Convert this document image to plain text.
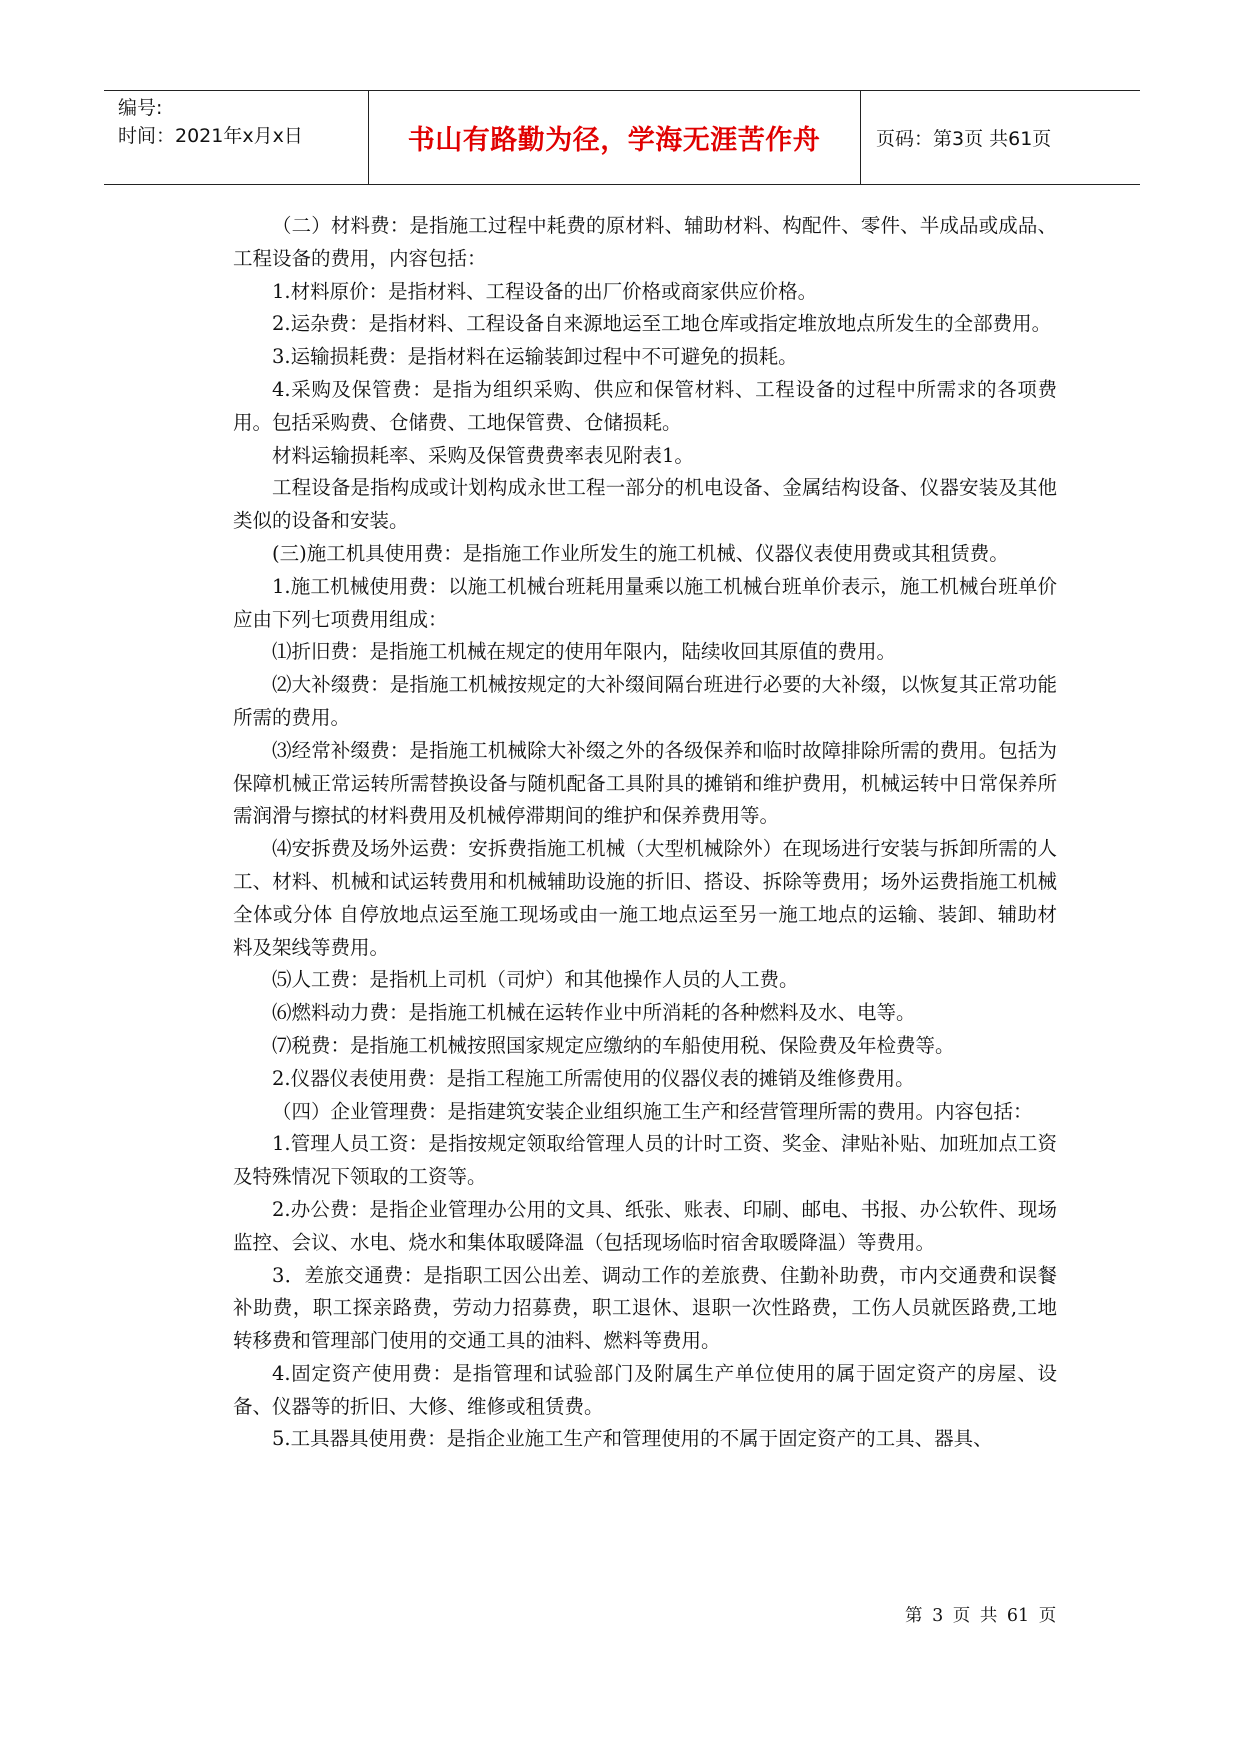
编号:
时间：2021年x月x日	书山有路勤为径，学海无涯苦作舟	页码：第3页 共61页

（二）材料费：是指施工过程中耗费的原材料、辅助材料、构配件、零件、半成品或成品、工程设备的费用，内容包括：

1.材料原价：是指材料、工程设备的出厂价格或商家供应价格。

2.运杂费：是指材料、工程设备自来源地运至工地仓库或指定堆放地点所发生的全部费用。

3.运输损耗费：是指材料在运输装卸过程中不可避免的损耗。

4.采购及保管费：是指为组织采购、供应和保管材料、工程设备的过程中所需求的各项费用。包括采购费、仓储费、工地保管费、仓储损耗。

材料运输损耗率、采购及保管费费率表见附表1。

工程设备是指构成或计划构成永世工程一部分的机电设备、金属结构设备、仪器安装及其他类似的设备和安装。

(三)施工机具使用费：是指施工作业所发生的施工机械、仪器仪表使用费或其租赁费。

1.施工机械使用费：以施工机械台班耗用量乘以施工机械台班单价表示，施工机械台班单价应由下列七项费用组成：

⑴折旧费：是指施工机械在规定的使用年限内，陆续收回其原值的费用。

⑵大补缀费：是指施工机械按规定的大补缀间隔台班进行必要的大补缀，以恢复其正常功能所需的费用。

⑶经常补缀费：是指施工机械除大补缀之外的各级保养和临时故障排除所需的费用。包括为保障机械正常运转所需替换设备与随机配备工具附具的摊销和维护费用，机械运转中日常保养所需润滑与擦拭的材料费用及机械停滞期间的维护和保养费用等。

⑷安拆费及场外运费：安拆费指施工机械（大型机械除外）在现场进行安装与拆卸所需的人工、材料、机械和试运转费用和机械辅助设施的折旧、搭设、拆除等费用；场外运费指施工机械全体或分体 自停放地点运至施工现场或由一施工地点运至另一施工地点的运输、装卸、辅助材料及架线等费用。

⑸人工费：是指机上司机（司炉）和其他操作人员的人工费。

⑹燃料动力费：是指施工机械在运转作业中所消耗的各种燃料及水、电等。

⑺税费：是指施工机械按照国家规定应缴纳的车船使用税、保险费及年检费等。

2.仪器仪表使用费：是指工程施工所需使用的仪器仪表的摊销及维修费用。

（四）企业管理费：是指建筑安装企业组织施工生产和经营管理所需的费用。内容包括：

1.管理人员工资：是指按规定领取给管理人员的计时工资、奖金、津贴补贴、加班加点工资及特殊情况下领取的工资等。

2.办公费：是指企业管理办公用的文具、纸张、账表、印刷、邮电、书报、办公软件、现场监控、会议、水电、烧水和集体取暖降温（包括现场临时宿舍取暖降温）等费用。

3．差旅交通费：是指职工因公出差、调动工作的差旅费、住勤补助费，市内交通费和误餐补助费，职工探亲路费，劳动力招募费，职工退休、退职一次性路费，工伤人员就医路费,工地转移费和管理部门使用的交通工具的油料、燃料等费用。

4.固定资产使用费：是指管理和试验部门及附属生产单位使用的属于固定资产的房屋、设备、仪器等的折旧、大修、维修或租赁费。

5.工具器具使用费：是指企业施工生产和管理使用的不属于固定资产的工具、器具、

第 3 页 共 61 页
